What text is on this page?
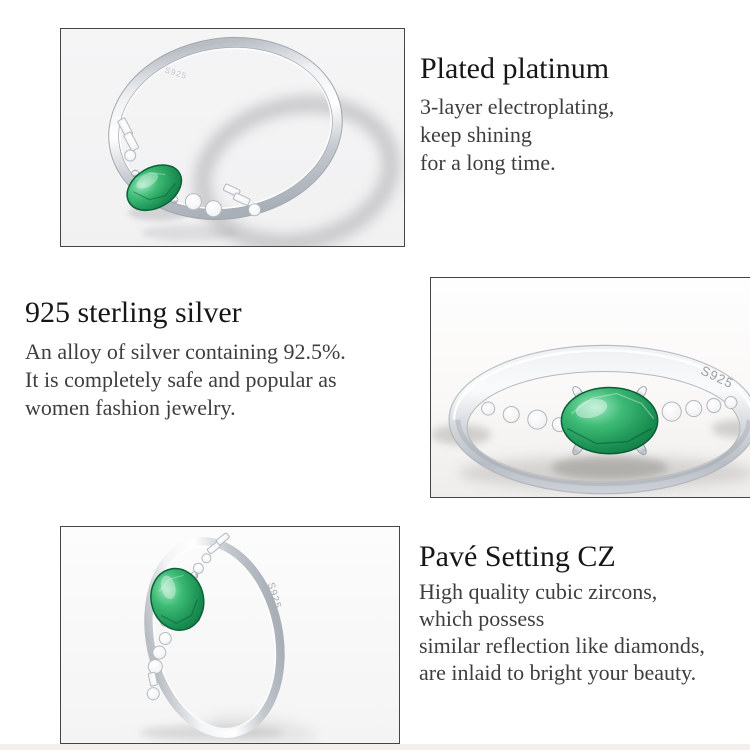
S925	Plated platinum

3-layer electroplating,

keep shining

for a long time.

925 sterling silver

An alloy of silver containing 92.5%.

It is completely safe and popular as

women fashion jewelry.

S925
S925
Pavé Setting CZ

High quality cubic zircons,

which possess

similar reflection like diamonds,

are inlaid to bright your beauty.
